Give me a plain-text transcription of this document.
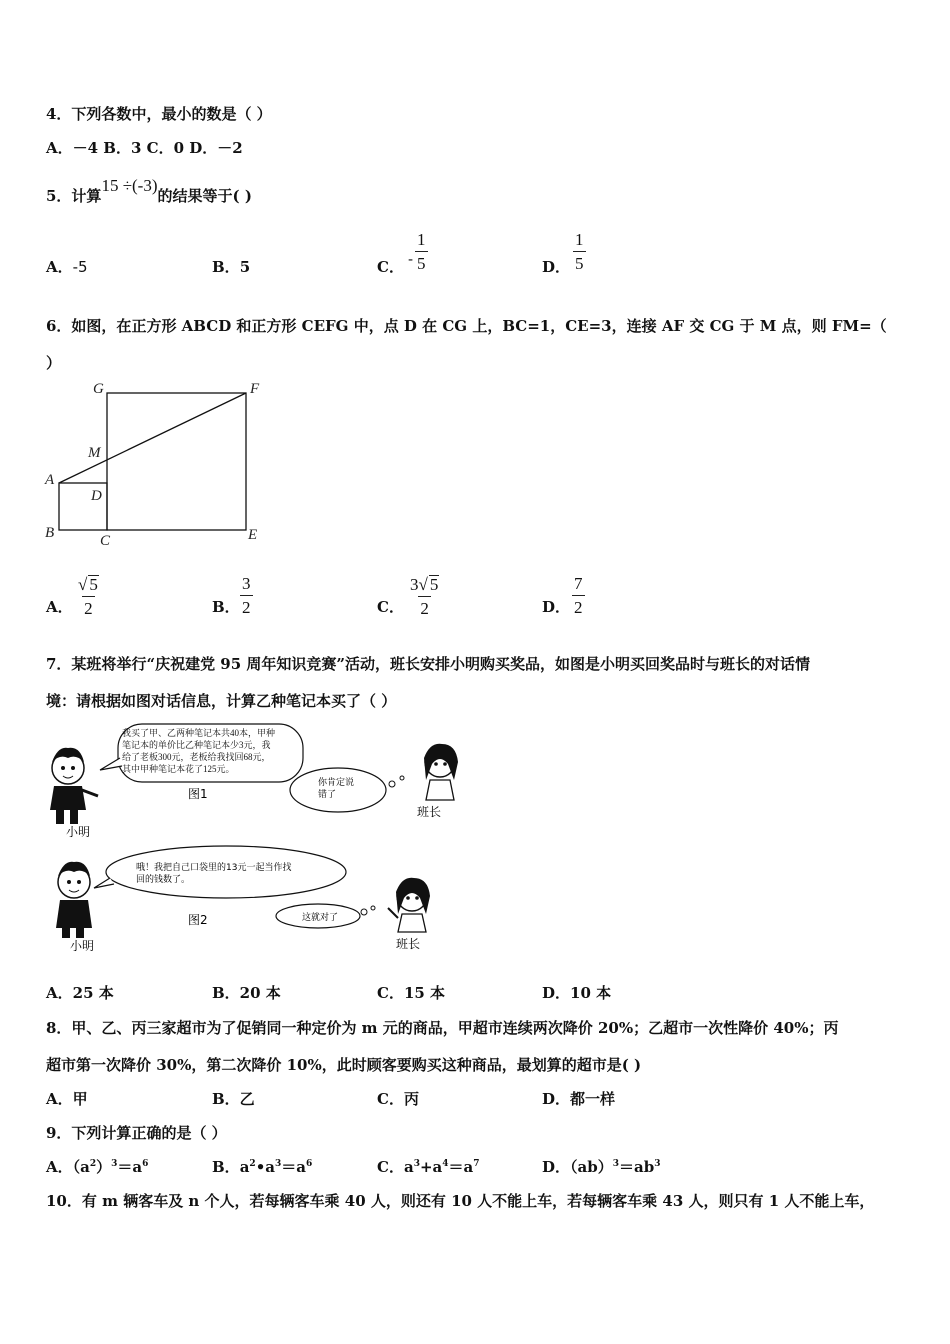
4．下列各数中，最小的数是（ ）
A．－4 B．3 C．0 D．－2
5．计算15 ÷(-3)的结果等于( )
A．-5	B．5	C． - $\frac{1}{5}$	D． $\frac{1}{5}$
6．如图，在正方形 ABCD 和正方形 CEFG 中，点 D 在 CG 上，BC=1，CE=3，连接 AF 交 CG 于 M 点，则 FM=（
）
G	F
M
A
D
B	C	E
A． $\frac{√ 5}{2}$	B． $\frac{3}{2}$	C． $\frac{3√ 5}{2}$	D． $\frac{7}{2}$
7．某班将举行“庆祝建党 95 周年知识竞赛”活动，班长安排小明购买奖品，如图是小明买回奖品时与班长的对话情
境：请根据如图对话信息，计算乙种笔记本买了（ ）
小明
我买了甲、乙两种笔记本共40本，甲种
笔记本的单价比乙种笔记本少3元，我
给了老板300元，老板给我找回68元，
其中甲种笔记本花了125元。
图1
你肯定说
错了
班长
小明
哦！我把自己口袋里的13元一起当作找
回的钱数了。
图2	这就对了
班长
A．25 本	B．20 本	C．15 本	D．10 本
8．甲、乙、丙三家超市为了促销同一种定价为 m 元的商品，甲超市连续两次降价 20%；乙超市一次性降价 40%；丙
超市第一次降价 30%，第二次降价 10%，此时顾客要购买这种商品，最划算的超市是( )
A．甲	B．乙	C．丙	D．都一样
9．下列计算正确的是（ ）
A．$(a^2)^3=a^6$	B．$a^2•a^3=a^6$	C．$a^3+a^4=a^7$	D．$(ab)^3=ab^3$
10．有 m 辆客车及 n 个人，若每辆客车乘 40 人，则还有 10 人不能上车，若每辆客车乘 43 人，则只有 1 人不能上车，
